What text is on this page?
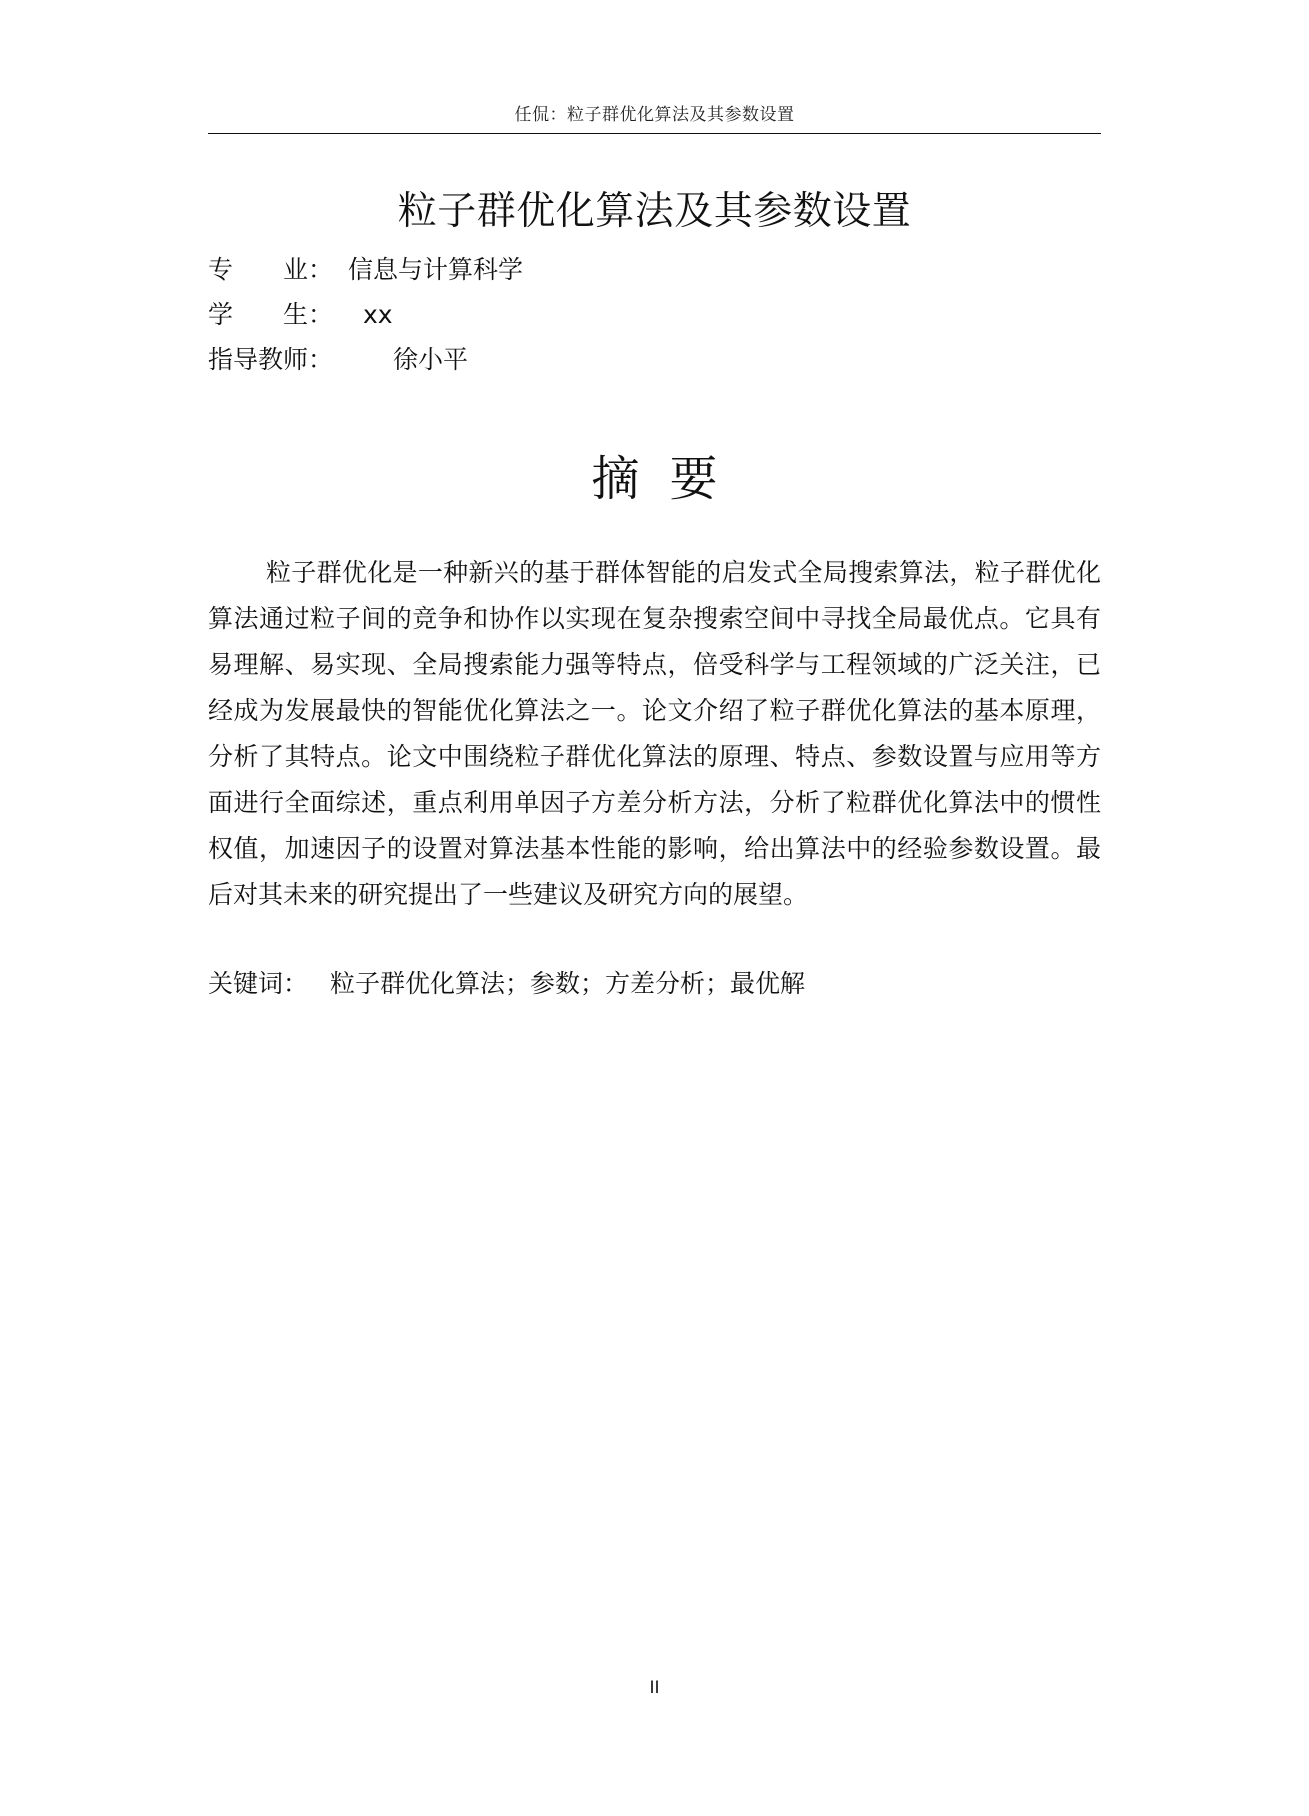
任侃：粒子群优化算法及其参数设置
粒子群优化算法及其参数设置
专　　业： 信息与计算科学
学　　生： xx
指导教师： 徐小平
摘要

粒子群优化是一种新兴的基于群体智能的启发式全局搜索算法，粒子群优化算法通过粒子间的竞争和协作以实现在复杂搜索空间中寻找全局最优点。它具有易理解、易实现、全局搜索能力强等特点，倍受科学与工程领域的广泛关注，已经成为发展最快的智能优化算法之一。论文介绍了粒子群优化算法的基本原理，分析了其特点。论文中围绕粒子群优化算法的原理、特点、参数设置与应用等方面进行全面综述，重点利用单因子方差分析方法，分析了粒群优化算法中的惯性权值，加速因子的设置对算法基本性能的影响，给出算法中的经验参数设置。最后对其未来的研究提出了一些建议及研究方向的展望。

关键词： 粒子群优化算法；参数；方差分析；最优解
II
